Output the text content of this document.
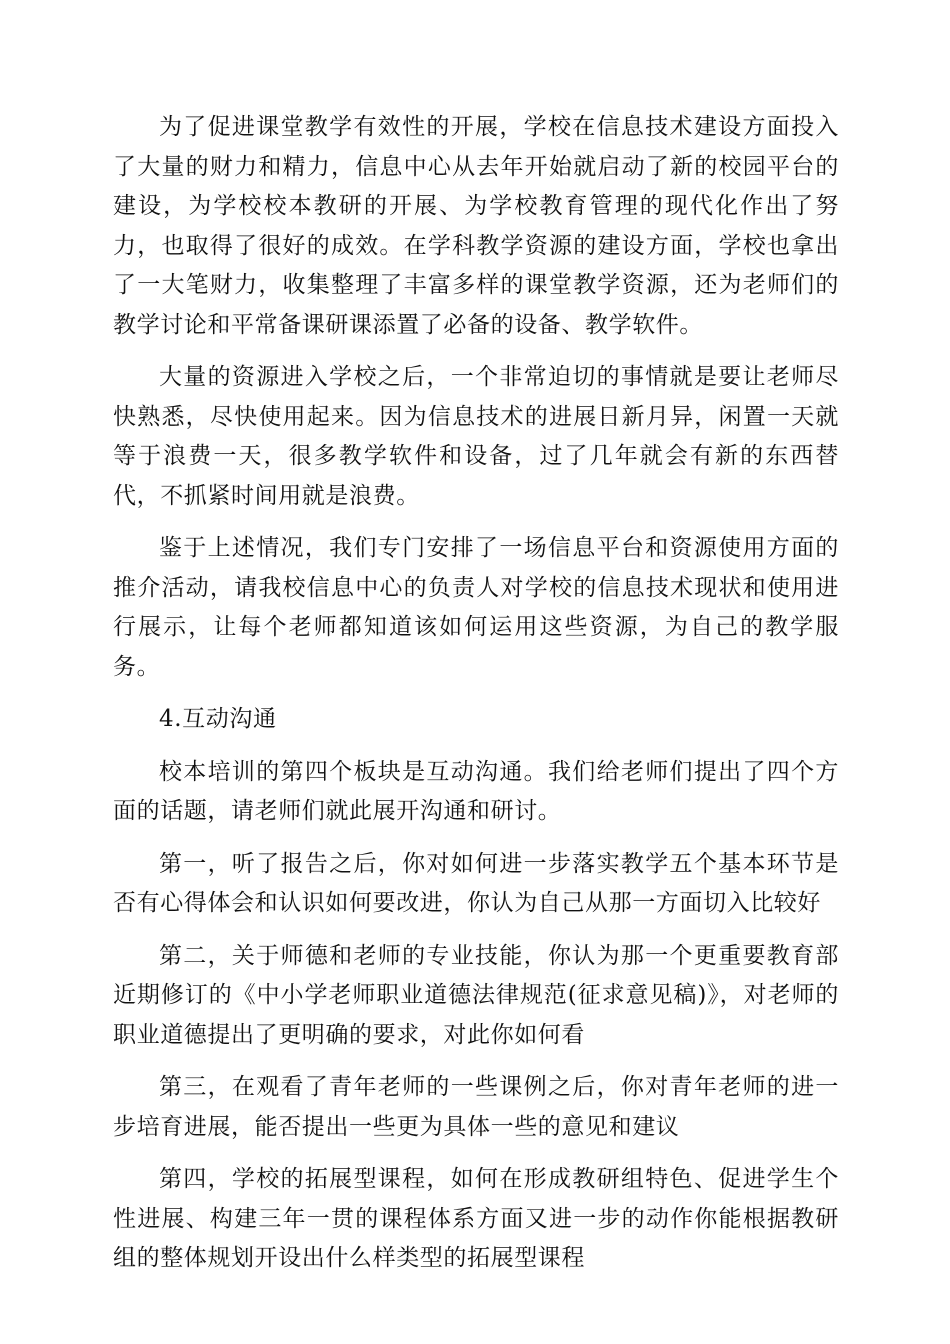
为了促进课堂教学有效性的开展，学校在信息技术建设方面投入了大量的财力和精力，信息中心从去年开始就启动了新的校园平台的建设，为学校校本教研的开展、为学校教育管理的现代化作出了努力，也取得了很好的成效。在学科教学资源的建设方面，学校也拿出了一大笔财力，收集整理了丰富多样的课堂教学资源，还为老师们的教学讨论和平常备课研课添置了必备的设备、教学软件。

大量的资源进入学校之后，一个非常迫切的事情就是要让老师尽快熟悉，尽快使用起来。因为信息技术的进展日新月异，闲置一天就等于浪费一天，很多教学软件和设备，过了几年就会有新的东西替代，不抓紧时间用就是浪费。

鉴于上述情况，我们专门安排了一场信息平台和资源使用方面的推介活动，请我校信息中心的负责人对学校的信息技术现状和使用进行展示，让每个老师都知道该如何运用这些资源，为自己的教学服务。

4.互动沟通

校本培训的第四个板块是互动沟通。我们给老师们提出了四个方面的话题，请老师们就此展开沟通和研讨。

第一，听了报告之后，你对如何进一步落实教学五个基本环节是否有心得体会和认识如何要改进，你认为自己从那一方面切入比较好

第二，关于师德和老师的专业技能，你认为那一个更重要教育部近期修订的《中小学老师职业道德法律规范(征求意见稿)》，对老师的职业道德提出了更明确的要求，对此你如何看

第三，在观看了青年老师的一些课例之后，你对青年老师的进一步培育进展，能否提出一些更为具体一些的意见和建议

第四，学校的拓展型课程，如何在形成教研组特色、促进学生个性进展、构建三年一贯的课程体系方面又进一步的动作你能根据教研组的整体规划开设出什么样类型的拓展型课程
